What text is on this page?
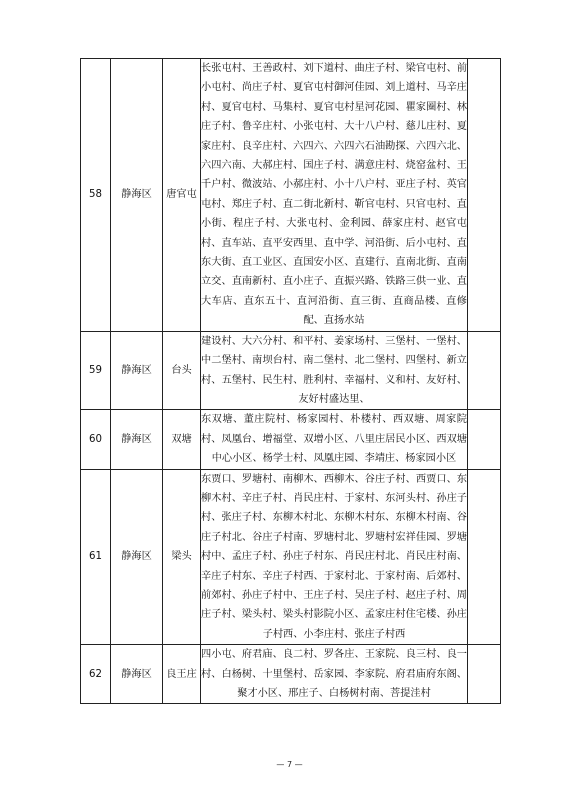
58	静海区	唐官屯	长张屯村、王善政村、刘下道村、曲庄子村、梁官屯村、前小屯村、尚庄子村、夏官屯村御河佳园、刘上道村、马辛庄村、夏官屯村、马集村、夏官屯村星河花园、瞿家圈村、林庄子村、鲁辛庄村、小张屯村、大十八户村、慈儿庄村、夏家庄村、良辛庄村、六四六、六四六石油勘探、六四六北、六四六南、大郝庄村、国庄子村、满意庄村、烧窑盆村、王千户村、微波站、小郝庄村、小十八户村、亚庄子村、英官屯村、郑庄子村、直二街北新村、靳官屯村、只官屯村、直小街、程庄子村、大张屯村、金利园、薛家庄村、赵官屯村、直车站、直平安西里、直中学、河沿街、后小屯村、直东大街、直工业区、直国安小区、直建行、直南北街、直南立交、直南新村、直小庄子、直振兴路、铁路三供一业、直大车店、直东五十、直河沿街、直三街、直商品楼、直修配、直扬水站	
59	静海区	台头	建设村、大六分村、和平村、姜家场村、三堡村、一堡村、中二堡村、南坝台村、南二堡村、北二堡村、四堡村、新立村、五堡村、民生村、胜利村、幸福村、义和村、友好村、友好村盛达里、	
60	静海区	双塘	东双塘、董庄院村、杨家园村、朴楼村、西双塘、周家院村、凤凰台、增福堂、双增小区、八里庄居民小区、西双塘中心小区、杨学士村、凤凰庄园、李靖庄、杨家园小区	
61	静海区	梁头	东贾口、罗塘村、南柳木、西柳木、谷庄子村、西贾口、东柳木村、辛庄子村、肖民庄村、于家村、东河头村、孙庄子村、张庄子村、东柳木村北、东柳木村东、东柳木村南、谷庄子村北、谷庄子村南、罗塘村北、罗塘村宏祥佳园、罗塘村中、孟庄子村、孙庄子村东、肖民庄村北、肖民庄村南、辛庄子村东、辛庄子村西、于家村北、于家村南、后郊村、前郊村、孙庄子村中、王庄子村、吴庄子村、赵庄子村、周庄子村、梁头村、梁头村影院小区、孟家庄村住宅楼、孙庄子村西、小李庄村、张庄子村西	
62	静海区	良王庄	四小屯、府君庙、良二村、罗各庄、王家院、良三村、良一村、白杨树、十里堡村、岳家园、李家院、府君庙府东阁、聚才小区、邢庄子、白杨树村南、菩提洼村	
— 7 —
